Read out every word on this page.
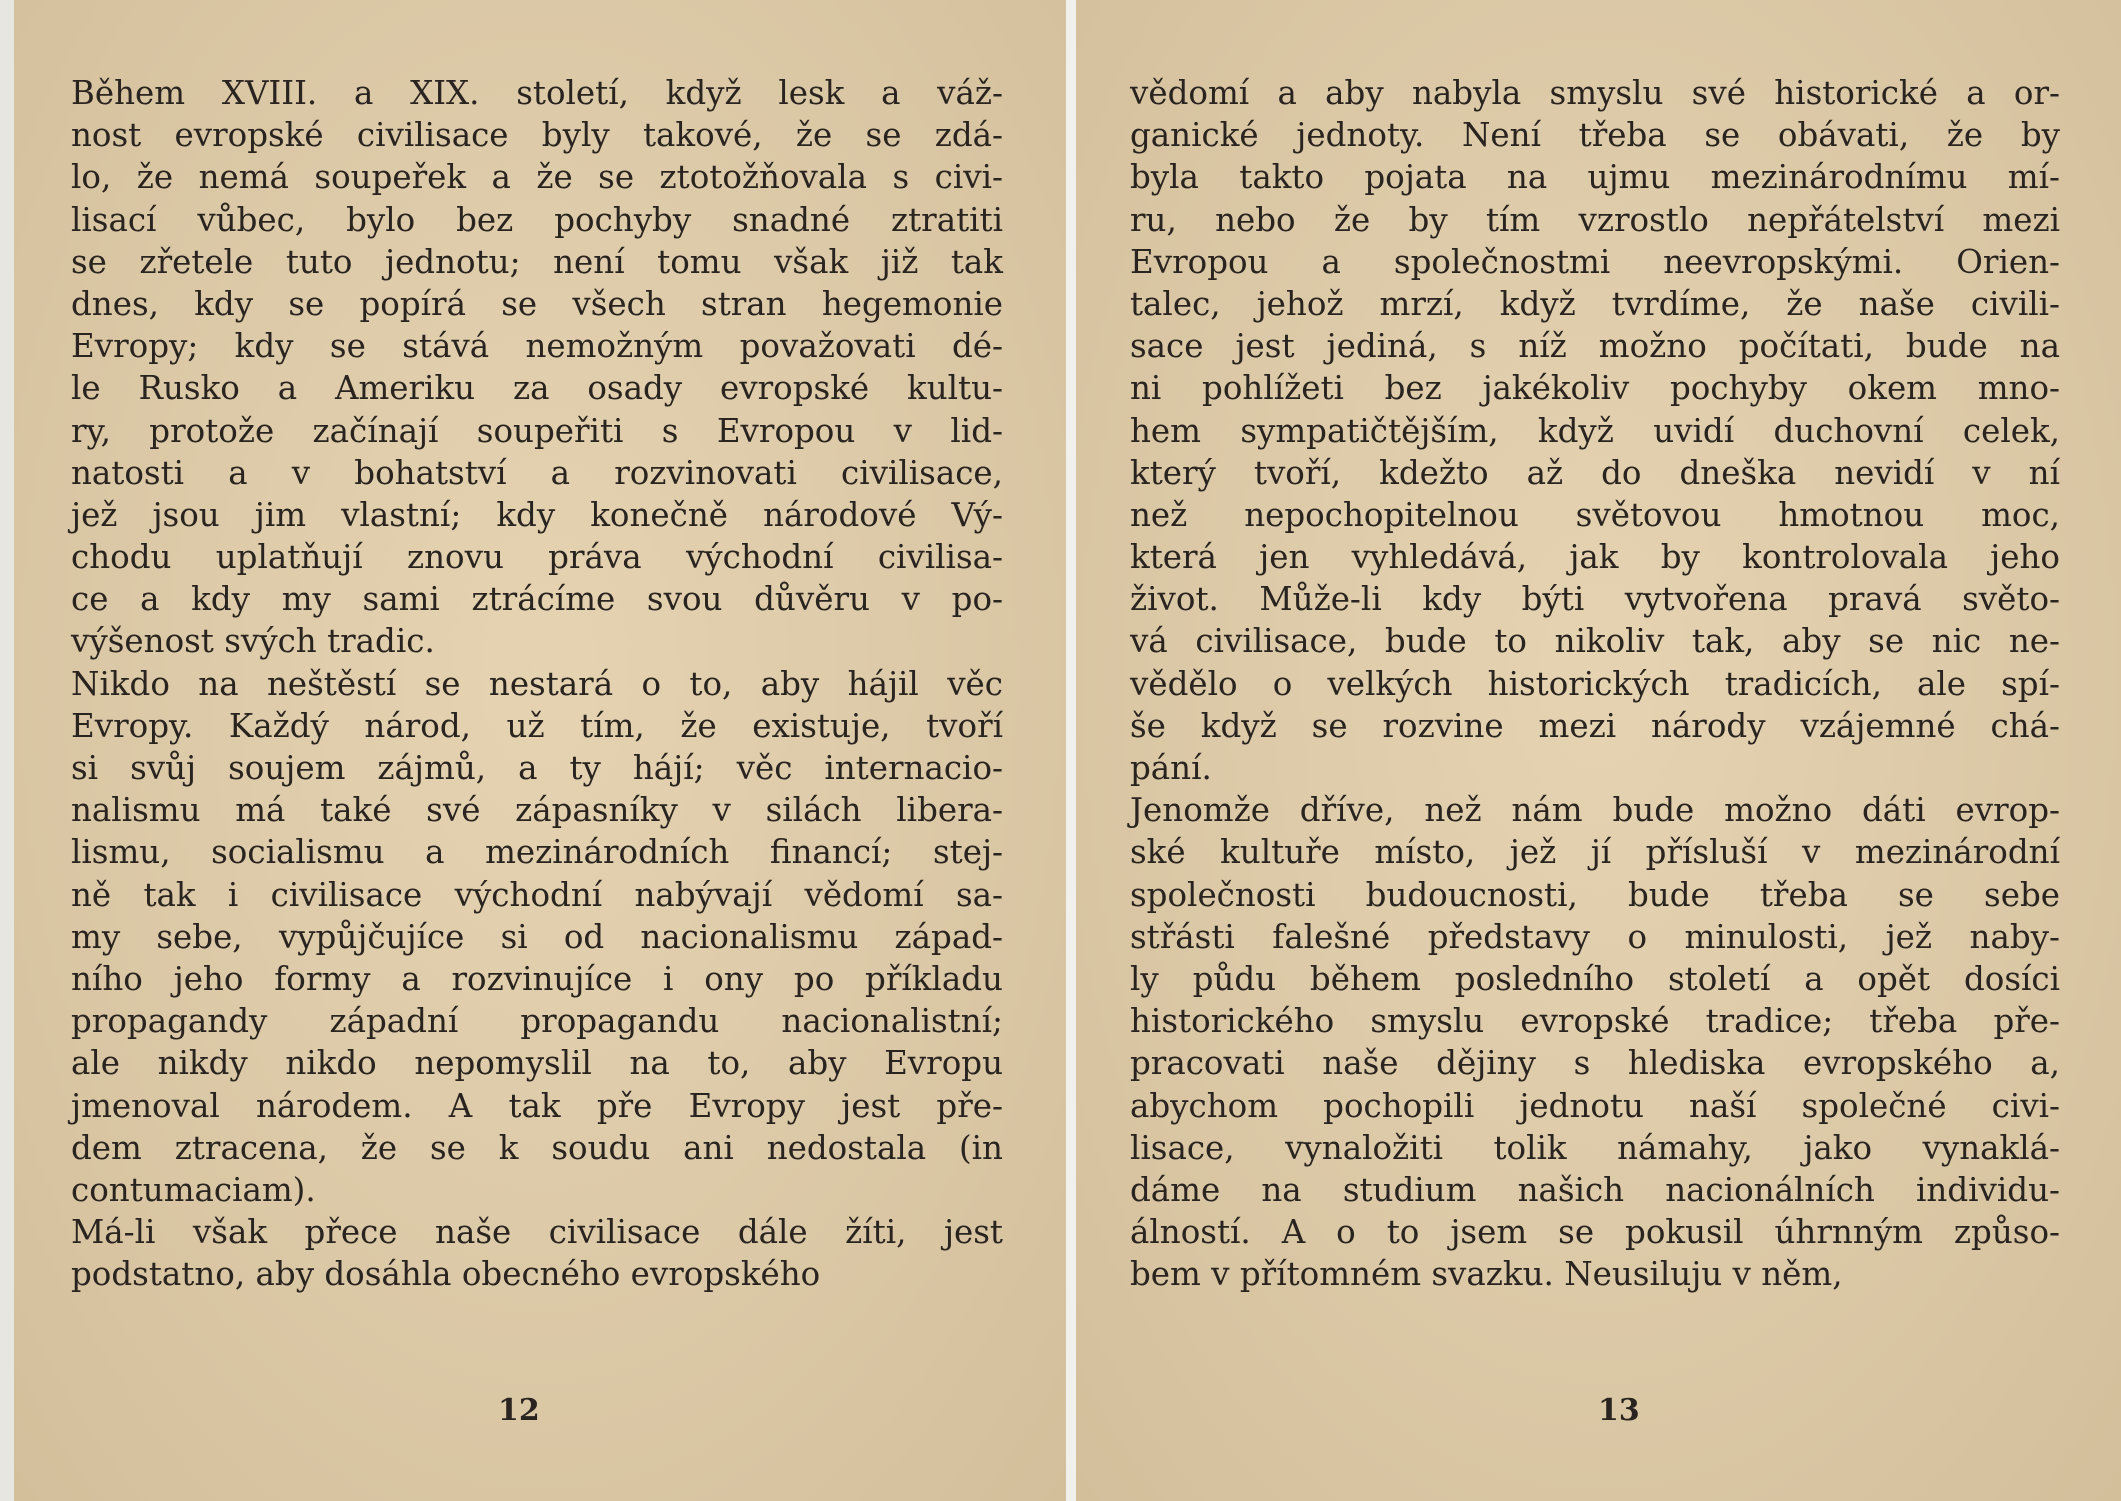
Během XVIII. a XIX. století, když lesk a váž-
nost evropské civilisace byly takové, že se zdá-
lo, že nemá soupeřek a že se ztotožňovala s civi-
lisací vůbec, bylo bez pochyby snadné ztratiti
se zřetele tuto jednotu; není tomu však již tak
dnes, kdy se popírá se všech stran hegemonie
Evropy; kdy se stává nemožným považovati dé-
le Rusko a Ameriku za osady evropské kultu-
ry, protože začínají soupeřiti s Evropou v lid-
natosti a v bohatství a rozvinovati civilisace,
jež jsou jim vlastní; kdy konečně národové Vý-
chodu uplatňují znovu práva východní civilisa-
ce a kdy my sami ztrácíme svou důvěru v po-
výšenost svých tradic.
Nikdo na neštěstí se nestará o to, aby hájil věc
Evropy. Každý národ, už tím, že existuje, tvoří
si svůj soujem zájmů, a ty hájí; věc internacio-
nalismu má také své zápasníky v silách libera-
lismu, socialismu a mezinárodních financí; stej-
ně tak i civilisace východní nabývají vědomí sa-
my sebe, vypůjčujíce si od nacionalismu západ-
ního jeho formy a rozvinujíce i ony po příkladu
propagandy západní propagandu nacionalistní;
ale nikdy nikdo nepomyslil na to, aby Evropu
jmenoval národem. A tak pře Evropy jest pře-
dem ztracena, že se k soudu ani nedostala (in
contumaciam).
Má-li však přece naše civilisace dále žíti, jest
podstatno, aby dosáhla obecného evropského
12
vědomí a aby nabyla smyslu své historické a or-
ganické jednoty. Není třeba se obávati, že by
byla takto pojata na ujmu mezinárodnímu mí-
ru, nebo že by tím vzrostlo nepřátelství mezi
Evropou a společnostmi neevropskými. Orien-
talec, jehož mrzí, když tvrdíme, že naše civili-
sace jest jediná, s níž možno počítati, bude na
ni pohlížeti bez jakékoliv pochyby okem mno-
hem sympatičtějším, když uvidí duchovní celek,
který tvoří, kdežto až do dneška nevidí v ní
než nepochopitelnou světovou hmotnou moc,
která jen vyhledává, jak by kontrolovala jeho
život. Může-li kdy býti vytvořena pravá světo-
vá civilisace, bude to nikoliv tak, aby se nic ne-
vědělo o velkých historických tradicích, ale spí-
še když se rozvine mezi národy vzájemné chá-
pání.
Jenomže dříve, než nám bude možno dáti evrop-
ské kultuře místo, jež jí přísluší v mezinárodní
společnosti budoucnosti, bude třeba se sebe
střásti falešné představy o minulosti, jež naby-
ly půdu během posledního století a opět dosíci
historického smyslu evropské tradice; třeba pře-
pracovati naše dějiny s hlediska evropského a,
abychom pochopili jednotu naší společné civi-
lisace, vynaložiti tolik námahy, jako vynaklá-
dáme na studium našich nacionálních individu-
álností. A o to jsem se pokusil úhrnným způso-
bem v přítomném svazku. Neusiluju v něm,
13
